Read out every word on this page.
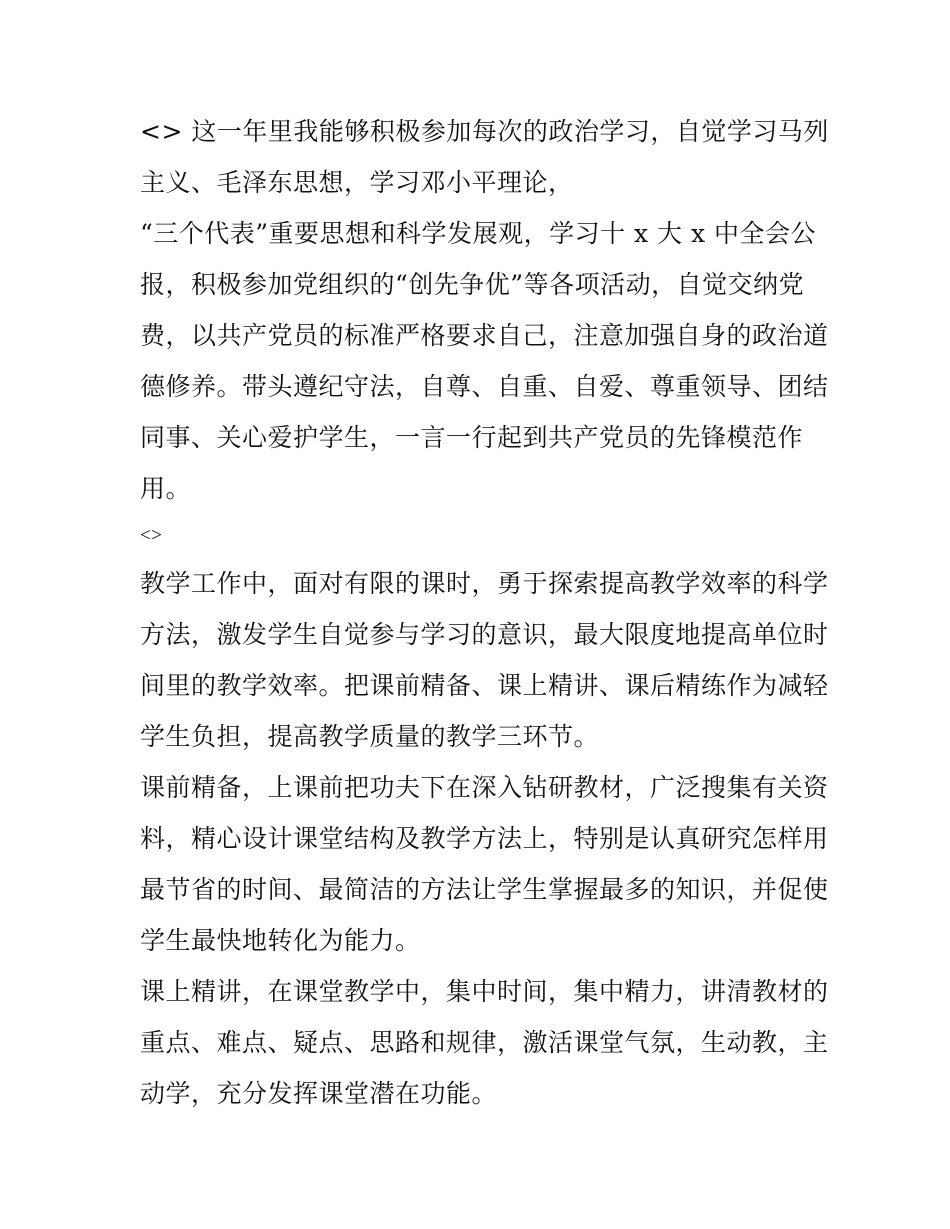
<> 这一年里我能够积极参加每次的政治学习，自觉学习马列
主义、毛泽东思想，学习邓小平理论，
“三个代表”重要思想和科学发展观，学习十 x 大 x 中全会公
报，积极参加党组织的“创先争优”等各项活动，自觉交纳党
费，以共产党员的标准严格要求自己，注意加强自身的政治道
德修养。带头遵纪守法，自尊、自重、自爱、尊重领导、团结
同事、关心爱护学生，一言一行起到共产党员的先锋模范作
用。
<>
教学工作中，面对有限的课时，勇于探索提高教学效率的科学
方法，激发学生自觉参与学习的意识，最大限度地提高单位时
间里的教学效率。把课前精备、课上精讲、课后精练作为减轻
学生负担，提高教学质量的教学三环节。
课前精备，上课前把功夫下在深入钻研教材，广泛搜集有关资
料，精心设计课堂结构及教学方法上，特别是认真研究怎样用
最节省的时间、最简洁的方法让学生掌握最多的知识，并促使
学生最快地转化为能力。
课上精讲，在课堂教学中，集中时间，集中精力，讲清教材的
重点、难点、疑点、思路和规律，激活课堂气氛，生动教，主
动学，充分发挥课堂潜在功能。
